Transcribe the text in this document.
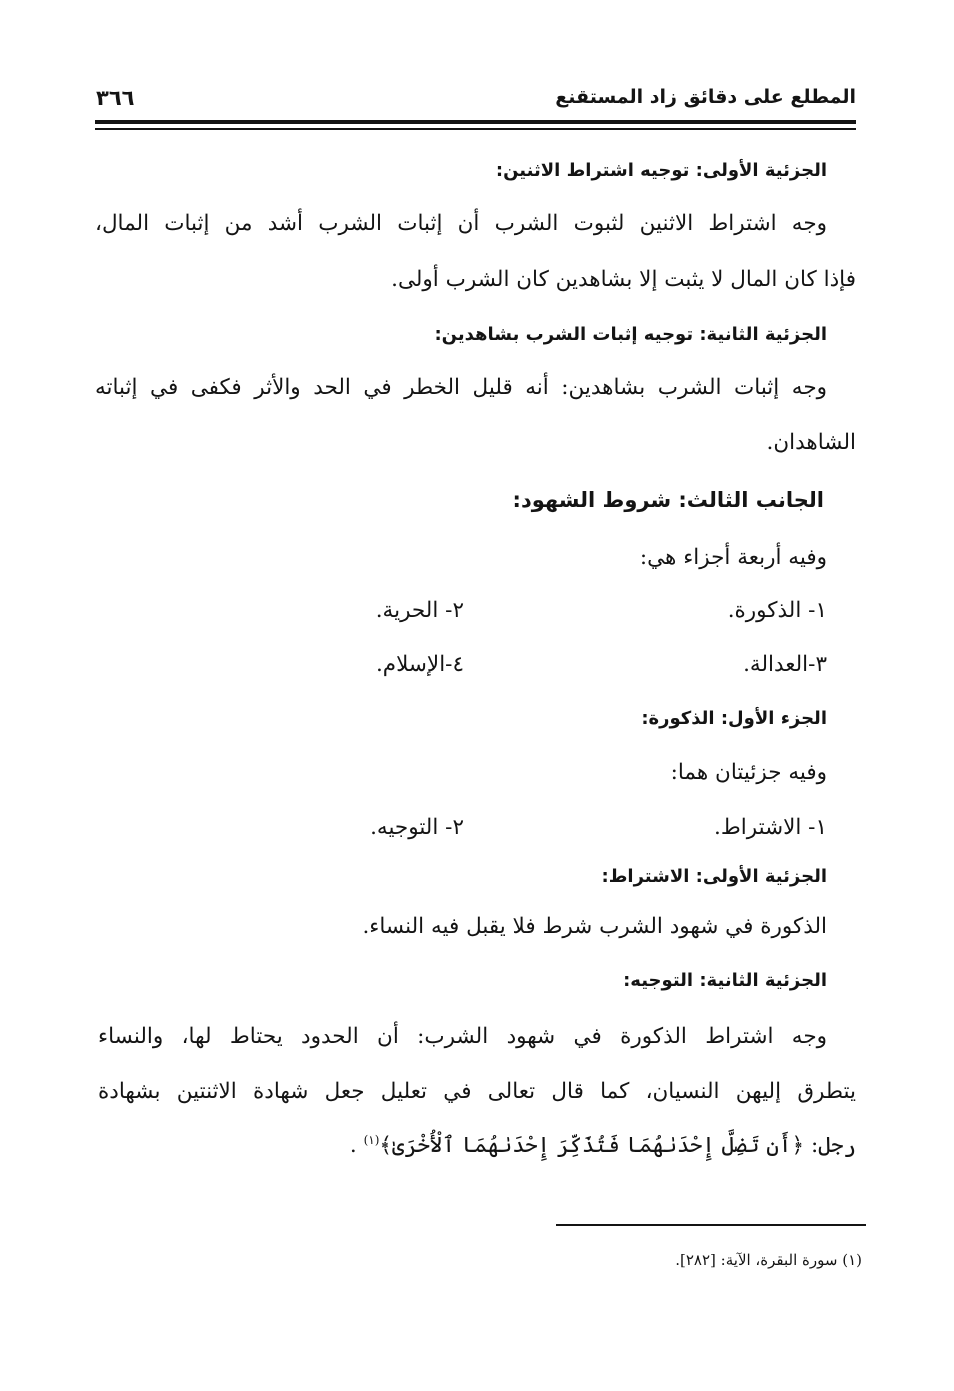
المطلع على دقائق زاد المستقنع
٣٦٦
الجزئية الأولى: توجيه اشتراط الاثنين:
وجه اشتراط الاثنين لثبوت الشرب أن إثبات الشرب أشد من إثبات المال،
فإذا كان المال لا يثبت إلا بشاهدين كان الشرب أولى.
الجزئية الثانية: توجيه إثبات الشرب بشاهدين:
وجه إثبات الشرب بشاهدين: أنه قليل الخطر في الحد والأثر فكفى في إثباته
الشاهدان.
الجانب الثالث: شروط الشهود:
وفيه أربعة أجزاء هي:
١- الذكورة.
٢- الحرية.
٣-العدالة.
٤-الإسلام.
الجزء الأول: الذكورة:
وفيه جزئيتان هما:
١- الاشتراط.
٢- التوجيه.
الجزئية الأولى: الاشتراط:
الذكورة في شهود الشرب شرط فلا يقبل فيه النساء.
الجزئية الثانية: التوجيه:
وجه اشتراط الذكورة في شهود الشرب: أن الحدود يحتاط لها، والنساء
يتطرق إليهن النسيان، كما قال تعالى في تعليل جعل شهادة الاثنتين بشهادة
رجل: ﴿أَن تَضِلَّ إِحْدَىٰهُمَا فَتُذَكِّرَ إِحْدَىٰهُمَا ٱلْأُخْرَىٰ﴾$^{(١)}$ .
(١) سورة البقرة، الآية: [٢٨٢].
